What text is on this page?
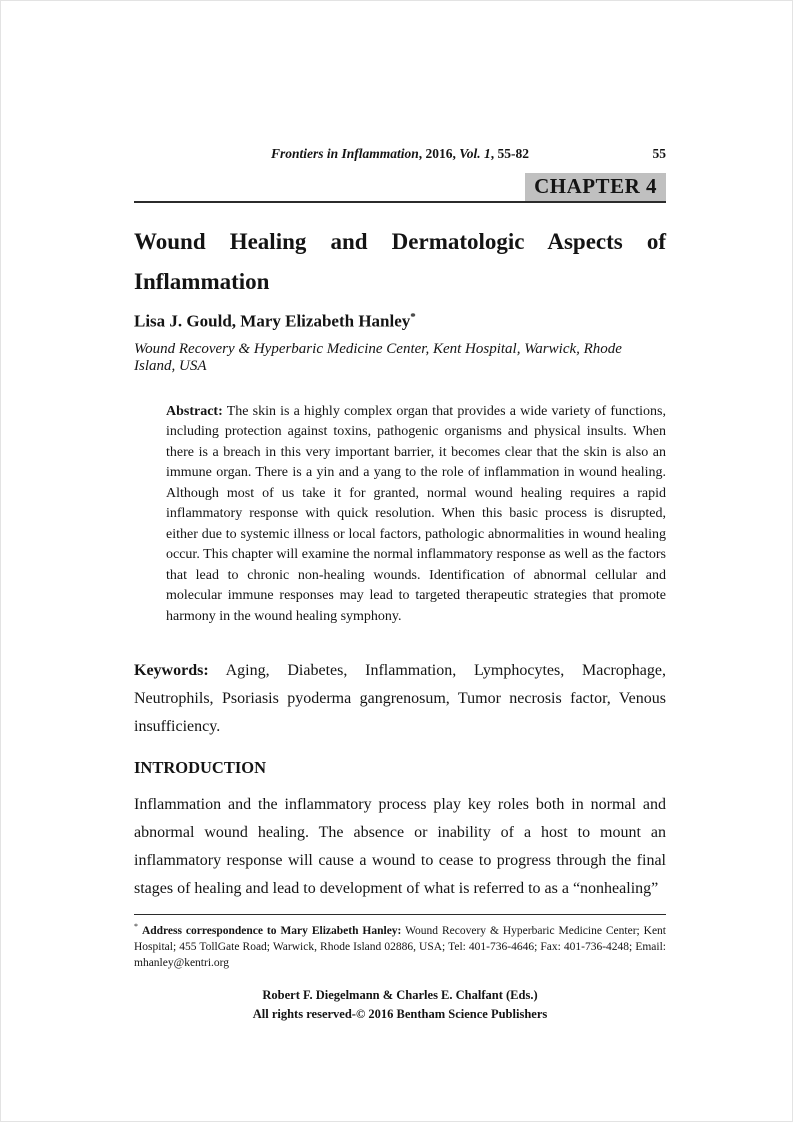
Frontiers in Inflammation, 2016, Vol. 1, 55-82	55
CHAPTER 4
Wound Healing and Dermatologic Aspects of Inflammation
Lisa J. Gould, Mary Elizabeth Hanley*
Wound Recovery & Hyperbaric Medicine Center, Kent Hospital, Warwick, Rhode Island, USA

Abstract: The skin is a highly complex organ that provides a wide variety of functions, including protection against toxins, pathogenic organisms and physical insults. When there is a breach in this very important barrier, it becomes clear that the skin is also an immune organ. There is a yin and a yang to the role of inflammation in wound healing. Although most of us take it for granted, normal wound healing requires a rapid inflammatory response with quick resolution. When this basic process is disrupted, either due to systemic illness or local factors, pathologic abnormalities in wound healing occur. This chapter will examine the normal inflammatory response as well as the factors that lead to chronic non-healing wounds. Identification of abnormal cellular and molecular immune responses may lead to targeted therapeutic strategies that promote harmony in the wound healing symphony.

Keywords: Aging, Diabetes, Inflammation, Lymphocytes, Macrophage, Neutrophils, Psoriasis pyoderma gangrenosum, Tumor necrosis factor, Venous insufficiency.

INTRODUCTION

Inflammation and the inflammatory process play key roles both in normal and abnormal wound healing. The absence or inability of a host to mount an inflammatory response will cause a wound to cease to progress through the final stages of healing and lead to development of what is referred to as a “nonhealing”

* Address correspondence to Mary Elizabeth Hanley: Wound Recovery & Hyperbaric Medicine Center; Kent Hospital; 455 TollGate Road; Warwick, Rhode Island 02886, USA; Tel: 401-736-4646; Fax: 401-736-4248; Email: mhanley@kentri.org

Robert F. Diegelmann & Charles E. Chalfant (Eds.)
All rights reserved-© 2016 Bentham Science Publishers
